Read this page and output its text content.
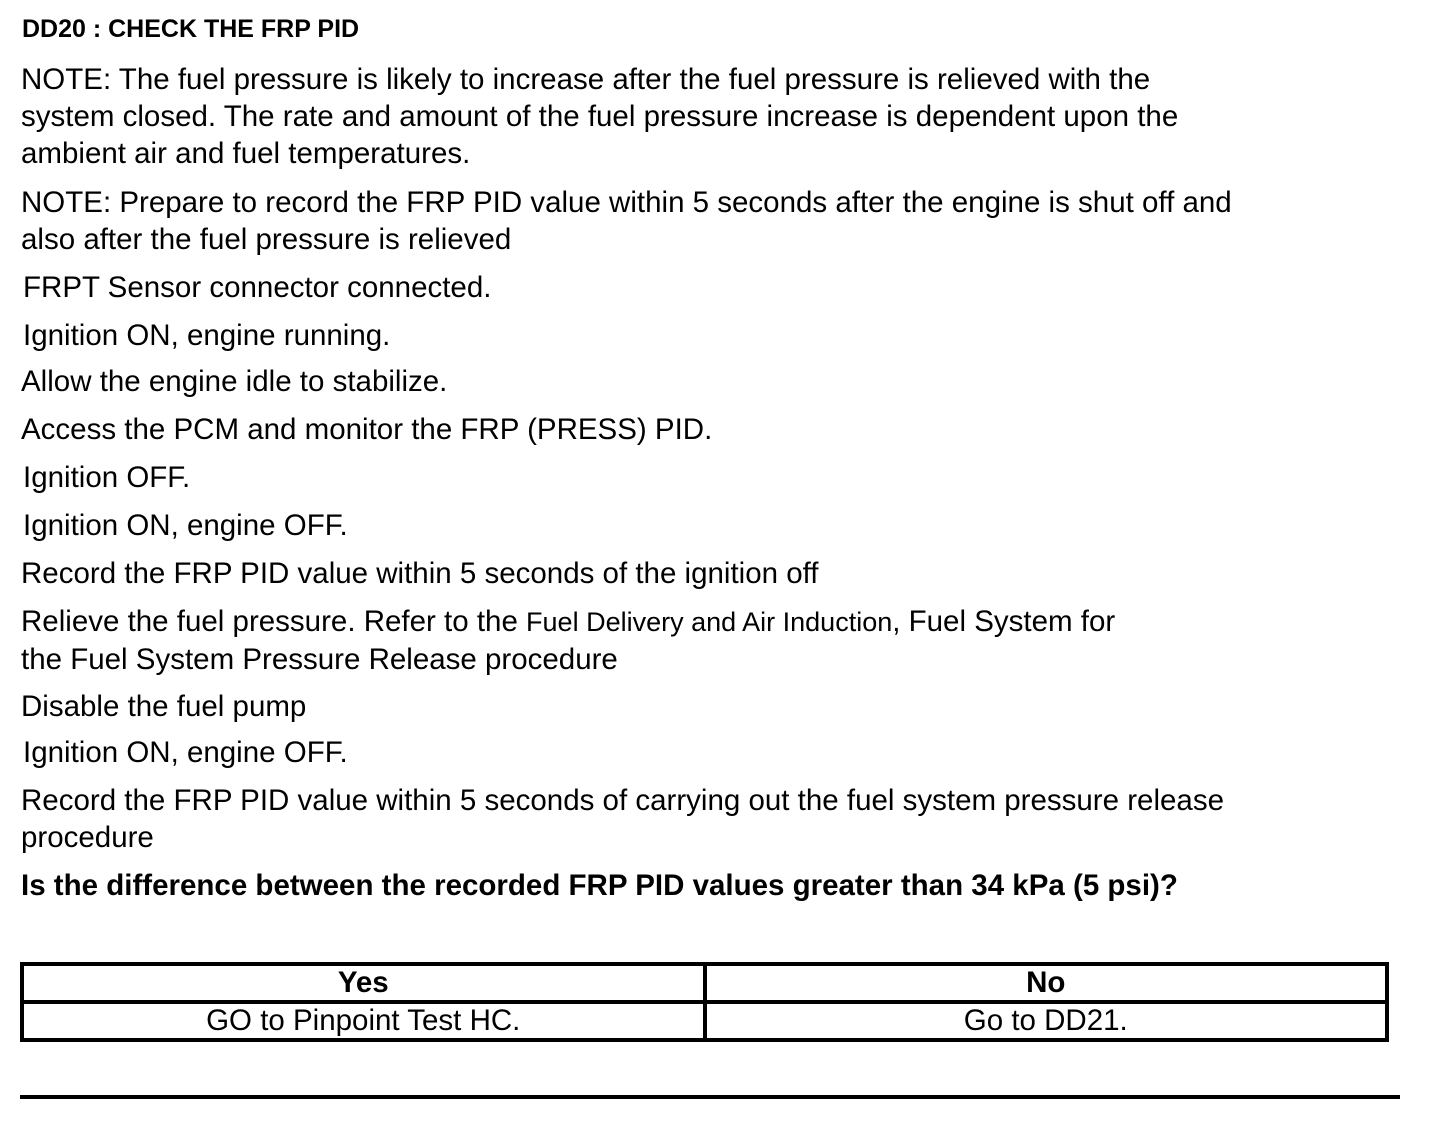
DD20 : CHECK THE FRP PID
NOTE: The fuel pressure is likely to increase after the fuel pressure is relieved with the
system closed. The rate and amount of the fuel pressure increase is dependent upon the
ambient air and fuel temperatures.
NOTE: Prepare to record the FRP PID value within 5 seconds after the engine is shut off and
also after the fuel pressure is relieved
FRPT Sensor connector connected.
Ignition ON, engine running.
Allow the engine idle to stabilize.
Access the PCM and monitor the FRP (PRESS) PID.
Ignition OFF.
Ignition ON, engine OFF.
Record the FRP PID value within 5 seconds of the ignition off
Relieve the fuel pressure. Refer to the Fuel Delivery and Air Induction, Fuel System for
the Fuel System Pressure Release procedure
Disable the fuel pump
Ignition ON, engine OFF.
Record the FRP PID value within 5 seconds of carrying out the fuel system pressure release
procedure
Is the difference between the recorded FRP PID values greater than 34 kPa (5 psi)?
Yes	No
GO to Pinpoint Test HC.	Go to DD21.
